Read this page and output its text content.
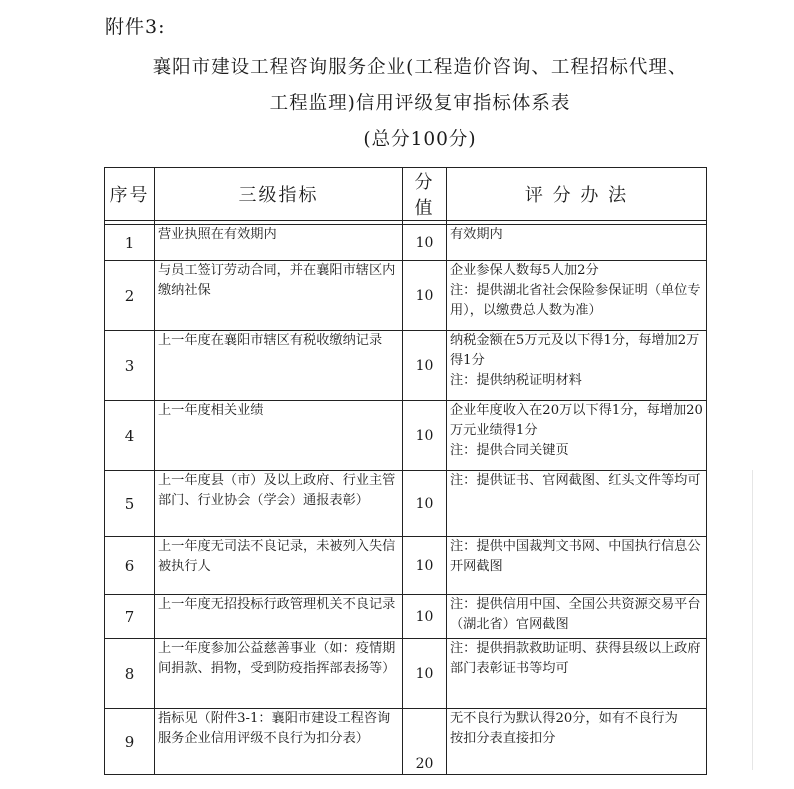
附件3:
襄阳市建设工程咨询服务企业(工程造价咨询、工程招标代理、
工程监理)信用评级复审指标体系表
(总分100分)
序号	三级指标	分值	评 分 办 法

1	营业执照在有效期内	10	有效期内
2	与员工签订劳动合同，并在襄阳市辖区内缴纳社保	10	企业参保人数每5人加2分
注：提供湖北省社会保险参保证明（单位专用），以缴费总人数为准）
3	上一年度在襄阳市辖区有税收缴纳记录	10	纳税金额在5万元及以下得1分，每增加2万得1分
注：提供纳税证明材料
4	上一年度相关业绩	10	企业年度收入在20万以下得1分，每增加20万元业绩得1分
注：提供合同关键页
5	上一年度县（市）及以上政府、行业主管部门、行业协会（学会）通报表彰）	10	注：提供证书、官网截图、红头文件等均可
6	上一年度无司法不良记录，未被列入失信被执行人	10	注：提供中国裁判文书网、中国执行信息公开网截图
7	上一年度无招投标行政管理机关不良记录	10	注：提供信用中国、全国公共资源交易平台（湖北省）官网截图
8	上一年度参加公益慈善事业（如：疫情期间捐款、捐物，受到防疫指挥部表扬等）	10	注：提供捐款救助证明、获得县级以上政府部门表彰证书等均可
9	指标见（附件3-1：襄阳市建设工程咨询服务企业信用评级不良行为扣分表）	20	无不良行为默认得20分，如有不良行为
按扣分表直接扣分
